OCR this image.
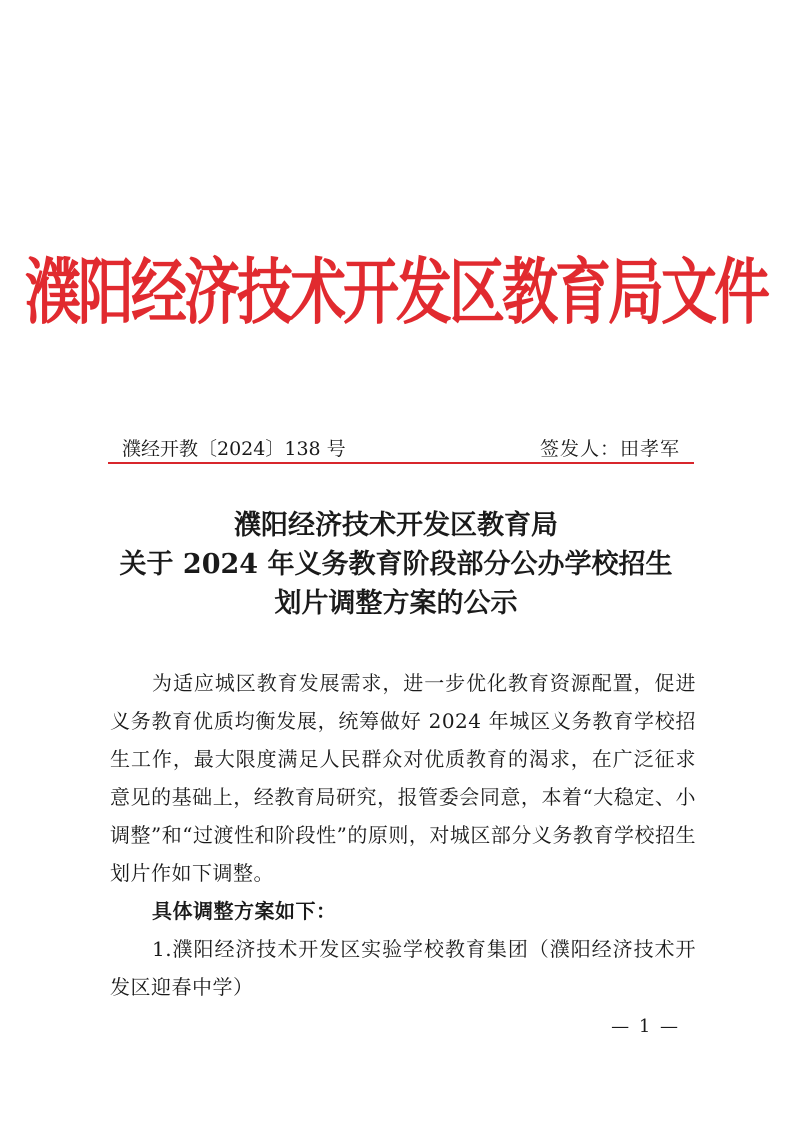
濮阳经济技术开发区教育局文件
濮经开教〔2024〕138 号	签发人：田孝军
濮阳经济技术开发区教育局
关于 2024 年义务教育阶段部分公办学校招生
划片调整方案的公示

为适应城区教育发展需求，进一步优化教育资源配置，促进义务教育优质均衡发展，统筹做好 2024 年城区义务教育学校招生工作，最大限度满足人民群众对优质教育的渴求，在广泛征求意见的基础上，经教育局研究，报管委会同意，本着“大稳定、小调整”和“过渡性和阶段性”的原则，对城区部分义务教育学校招生划片作如下调整。

具体调整方案如下：

1.濮阳经济技术开发区实验学校教育集团（濮阳经济技术开发区迎春中学）

— 1 —
